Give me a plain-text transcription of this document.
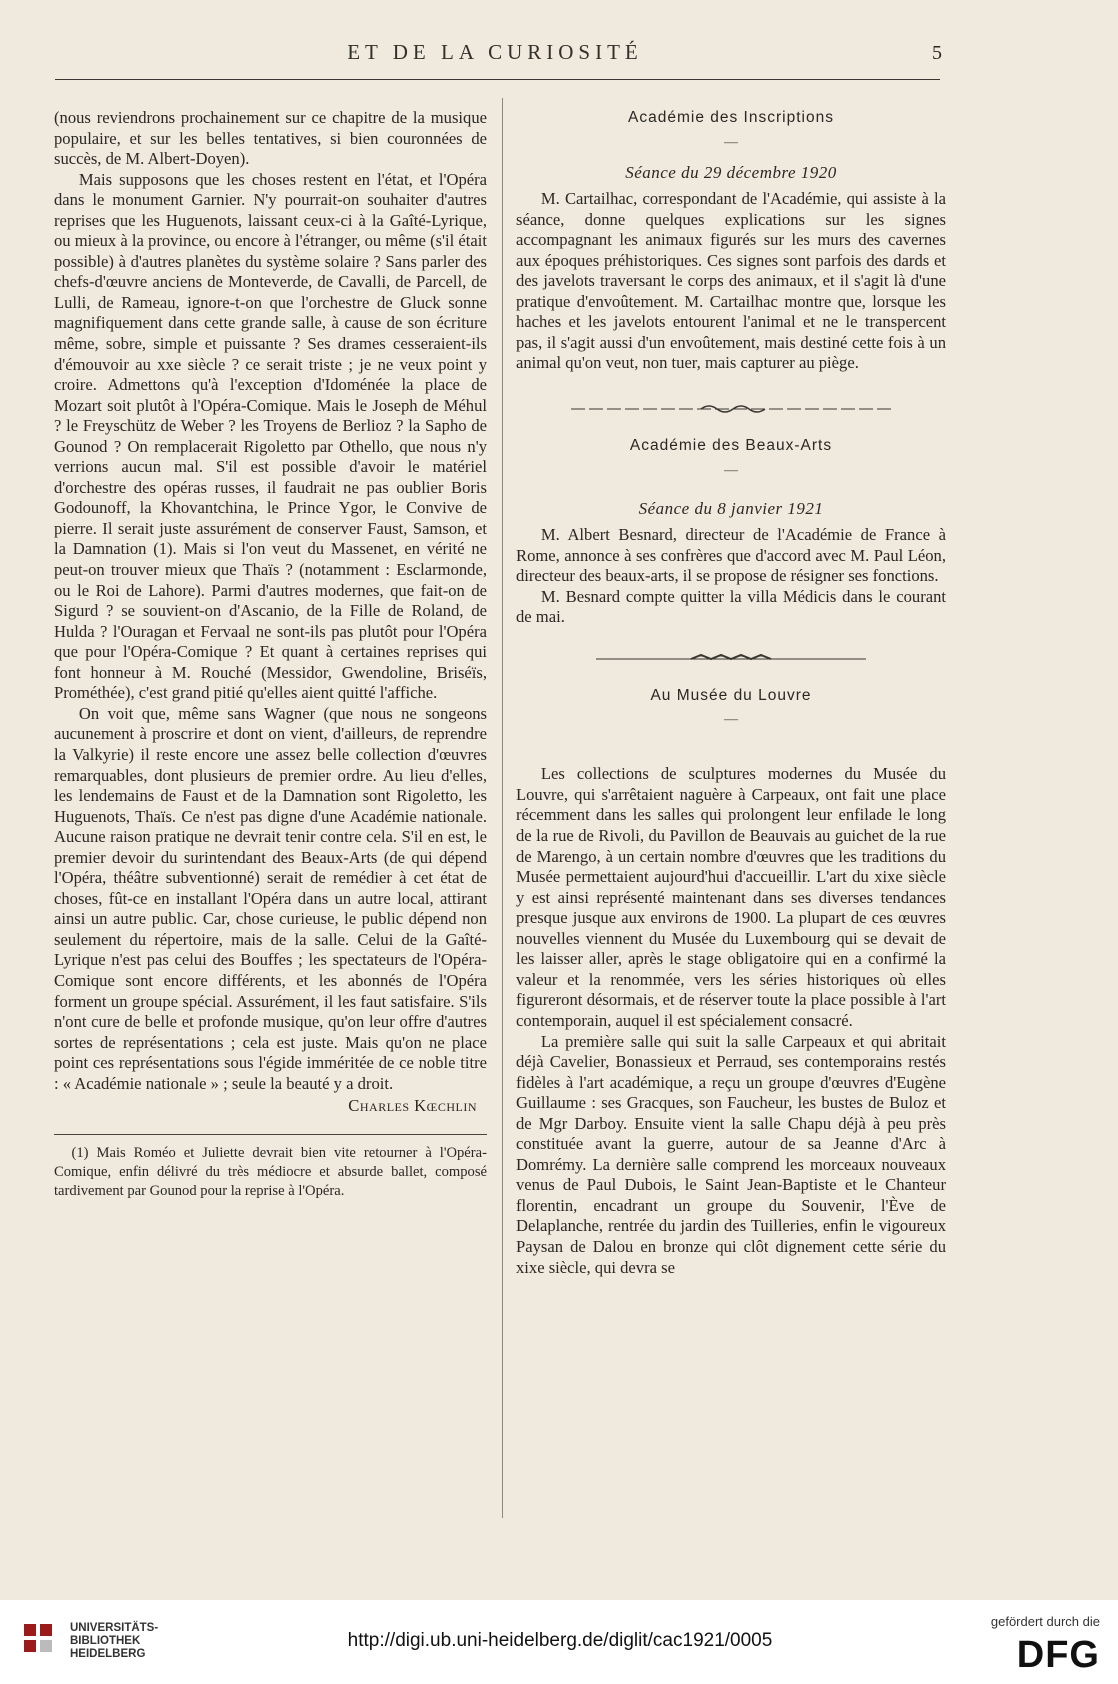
ET DE LA CURIOSITÉ	5

(nous reviendrons prochainement sur ce chapitre de la musique populaire, et sur les belles tentatives, si bien couronnées de succès, de M. Albert-Doyen).

Mais supposons que les choses restent en l'état, et l'Opéra dans le monument Garnier. N'y pourrait-on souhaiter d'autres reprises que les Huguenots, laissant ceux-ci à la Gaîté-Lyrique, ou mieux à la province, ou encore à l'étranger, ou même (s'il était possible) à d'autres planètes du système solaire ? Sans parler des chefs-d'œuvre anciens de Monteverde, de Cavalli, de Parcell, de Lulli, de Rameau, ignore-t-on que l'orchestre de Gluck sonne magnifiquement dans cette grande salle, à cause de son écriture même, sobre, simple et puissante ? Ses drames cesseraient-ils d'émouvoir au xxe siècle ? ce serait triste ; je ne veux point y croire. Admettons qu'à l'exception d'Idoménée la place de Mozart soit plutôt à l'Opéra-Comique. Mais le Joseph de Méhul ? le Freyschütz de Weber ? les Troyens de Berlioz ? la Sapho de Gounod ? On remplacerait Rigoletto par Othello, que nous n'y verrions aucun mal. S'il est possible d'avoir le matériel d'orchestre des opéras russes, il faudrait ne pas oublier Boris Godounoff, la Khovantchina, le Prince Ygor, le Convive de pierre. Il serait juste assurément de conserver Faust, Samson, et la Damnation (1). Mais si l'on veut du Massenet, en vérité ne peut-on trouver mieux que Thaïs ? (notamment : Esclarmonde, ou le Roi de Lahore). Parmi d'autres modernes, que fait-on de Sigurd ? se souvient-on d'Ascanio, de la Fille de Roland, de Hulda ? l'Ouragan et Fervaal ne sont-ils pas plutôt pour l'Opéra que pour l'Opéra-Comique ? Et quant à certaines reprises qui font honneur à M. Rouché (Messidor, Gwendoline, Briséïs, Prométhée), c'est grand pitié qu'elles aient quitté l'affiche.

On voit que, même sans Wagner (que nous ne songeons aucunement à proscrire et dont on vient, d'ailleurs, de reprendre la Valkyrie) il reste encore une assez belle collection d'œuvres remarquables, dont plusieurs de premier ordre. Au lieu d'elles, les lendemains de Faust et de la Damnation sont Rigoletto, les Huguenots, Thaïs. Ce n'est pas digne d'une Académie nationale. Aucune raison pratique ne devrait tenir contre cela. S'il en est, le premier devoir du surintendant des Beaux-Arts (de qui dépend l'Opéra, théâtre subventionné) serait de remédier à cet état de choses, fût-ce en installant l'Opéra dans un autre local, attirant ainsi un autre public. Car, chose curieuse, le public dépend non seulement du répertoire, mais de la salle. Celui de la Gaîté-Lyrique n'est pas celui des Bouffes ; les spectateurs de l'Opéra-Comique sont encore différents, et les abonnés de l'Opéra forment un groupe spécial. Assurément, il les faut satisfaire. S'ils n'ont cure de belle et profonde musique, qu'on leur offre d'autres sortes de représentations ; cela est juste. Mais qu'on ne place point ces représentations sous l'égide imméritée de ce noble titre : « Académie nationale » ; seule la beauté y a droit.

Charles Kœchlin

(1) Mais Roméo et Juliette devrait bien vite retourner à l'Opéra-Comique, enfin délivré du très médiocre et absurde ballet, composé tardivement par Gounod pour la reprise à l'Opéra.

Académie des Inscriptions
—
Séance du 29 décembre 1920

M. Cartailhac, correspondant de l'Académie, qui assiste à la séance, donne quelques explications sur les signes accompagnant les animaux figurés sur les murs des cavernes aux époques préhistoriques. Ces signes sont parfois des dards et des javelots traversant le corps des animaux, et il s'agit là d'une pratique d'envoûtement. M. Cartailhac montre que, lorsque les haches et les javelots entourent l'animal et ne le transpercent pas, il s'agit aussi d'un envoûtement, mais destiné cette fois à un animal qu'on veut, non tuer, mais capturer au piège.

Académie des Beaux-Arts
—
Séance du 8 janvier 1921

M. Albert Besnard, directeur de l'Académie de France à Rome, annonce à ses confrères que d'accord avec M. Paul Léon, directeur des beaux-arts, il se propose de résigner ses fonctions.

M. Besnard compte quitter la villa Médicis dans le courant de mai.

Au Musée du Louvre
—

Les collections de sculptures modernes du Musée du Louvre, qui s'arrêtaient naguère à Carpeaux, ont fait une place récemment dans les salles qui prolongent leur enfilade le long de la rue de Rivoli, du Pavillon de Beauvais au guichet de la rue de Marengo, à un certain nombre d'œuvres que les traditions du Musée permettaient aujourd'hui d'accueillir. L'art du xixe siècle y est ainsi représenté maintenant dans ses diverses tendances presque jusque aux environs de 1900. La plupart de ces œuvres nouvelles viennent du Musée du Luxembourg qui se devait de les laisser aller, après le stage obligatoire qui en a confirmé la valeur et la renommée, vers les séries historiques où elles figureront désormais, et de réserver toute la place possible à l'art contemporain, auquel il est spécialement consacré.

La première salle qui suit la salle Carpeaux et qui abritait déjà Cavelier, Bonassieux et Perraud, ses contemporains restés fidèles à l'art académique, a reçu un groupe d'œuvres d'Eugène Guillaume : ses Gracques, son Faucheur, les bustes de Buloz et de Mgr Darboy. Ensuite vient la salle Chapu déjà à peu près constituée avant la guerre, autour de sa Jeanne d'Arc à Domrémy. La dernière salle comprend les morceaux nouveaux venus de Paul Dubois, le Saint Jean-Baptiste et le Chanteur florentin, encadrant un groupe du Souvenir, l'Ève de Delaplanche, rentrée du jardin des Tuilleries, enfin le vigoureux Paysan de Dalou en bronze qui clôt dignement cette série du xixe siècle, qui devra se

UNIVERSITÄTS-
BIBLIOTHEK
HEIDELBERG
http://digi.ub.uni-heidelberg.de/diglit/cac1921/0005
gefördert durch die
DFG
